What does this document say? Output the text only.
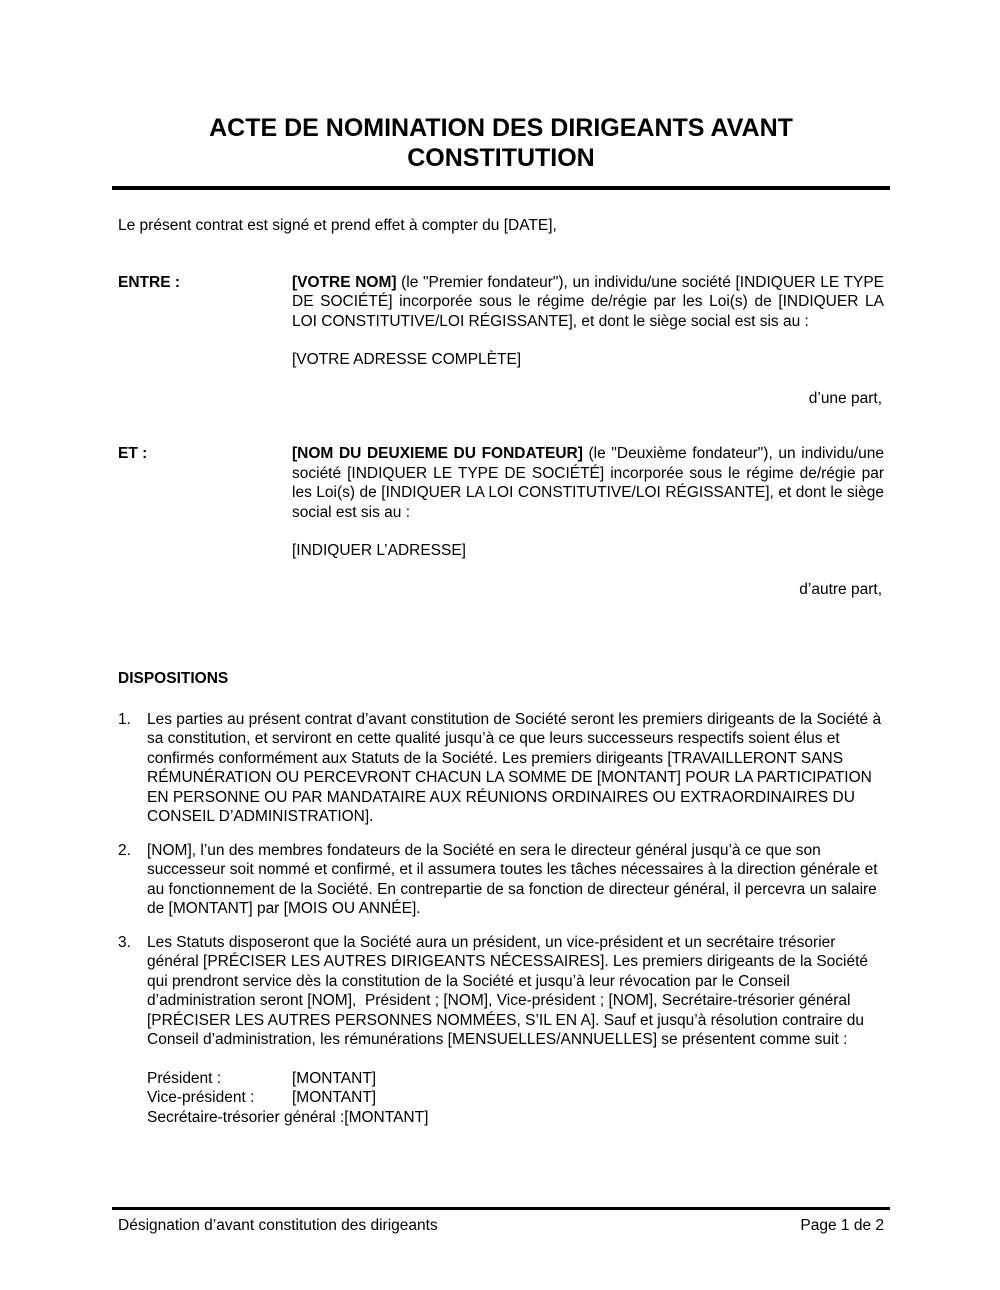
ACTE DE NOMINATION DES DIRIGEANTS AVANT CONSTITUTION

Le présent contrat est signé et prend effet à compter du [DATE],

ENTRE :	[VOTRE NOM] (le "Premier fondateur"), un individu/une société [INDIQUER LE TYPE DE SOCIÉTÉ] incorporée sous le régime de/régie par les Loi(s) de [INDIQUER LA LOI CONSTITUTIVE/LOI RÉGISSANTE], et dont le siège social est sis au :

[VOTRE ADRESSE COMPLÈTE]

d’une part,

ET :	[NOM DU DEUXIEME DU FONDATEUR] (le "Deuxième fondateur"), un individu/une société [INDIQUER LE TYPE DE SOCIÉTÉ] incorporée sous le régime de/régie par les Loi(s) de [INDIQUER LA LOI CONSTITUTIVE/LOI RÉGISSANTE], et dont le siège social est sis au :

[INDIQUER L’ADRESSE]

d’autre part,

DISPOSITIONS
1.	Les parties au présent contrat d’avant constitution de Société seront les premiers dirigeants de la Société à sa constitution, et serviront en cette qualité jusqu’à ce que leurs successeurs respectifs soient élus et confirmés conformément aux Statuts de la Société. Les premiers dirigeants [TRAVAILLERONT SANS RÉMUNÉRATION OU PERCEVRONT CHACUN LA SOMME DE [MONTANT] POUR LA PARTICIPATION EN PERSONNE OU PAR MANDATAIRE AUX RÉUNIONS ORDINAIRES OU EXTRAORDINAIRES DU CONSEIL D’ADMINISTRATION].
2.	[NOM], l’un des membres fondateurs de la Société en sera le directeur général jusqu’à ce que son successeur soit nommé et confirmé, et il assumera toutes les tâches nécessaires à la direction générale et au fonctionnement de la Société. En contrepartie de sa fonction de directeur général, il percevra un salaire de [MONTANT] par [MOIS OU ANNÉE].
3.	Les Statuts disposeront que la Société aura un président, un vice-président et un secrétaire trésorier général [PRÉCISER LES AUTRES DIRIGEANTS NÉCESSAIRES]. Les premiers dirigeants de la Société qui prendront service dès la constitution de la Société et jusqu’à leur révocation par le Conseil d’administration seront [NOM],  Président ; [NOM], Vice-président ; [NOM], Secrétaire-trésorier général [PRÉCISER LES AUTRES PERSONNES NOMMÉES, S’IL EN A]. Sauf et jusqu’à résolution contraire du Conseil d’administration, les rémunérations [MENSUELLES/ANNUELLES] se présentent comme suit :
Président :	[MONTANT]
Vice-président :	[MONTANT]
Secrétaire-trésorier général : [MONTANT]
Désignation d’avant constitution des dirigeants	Page 1 de 2
